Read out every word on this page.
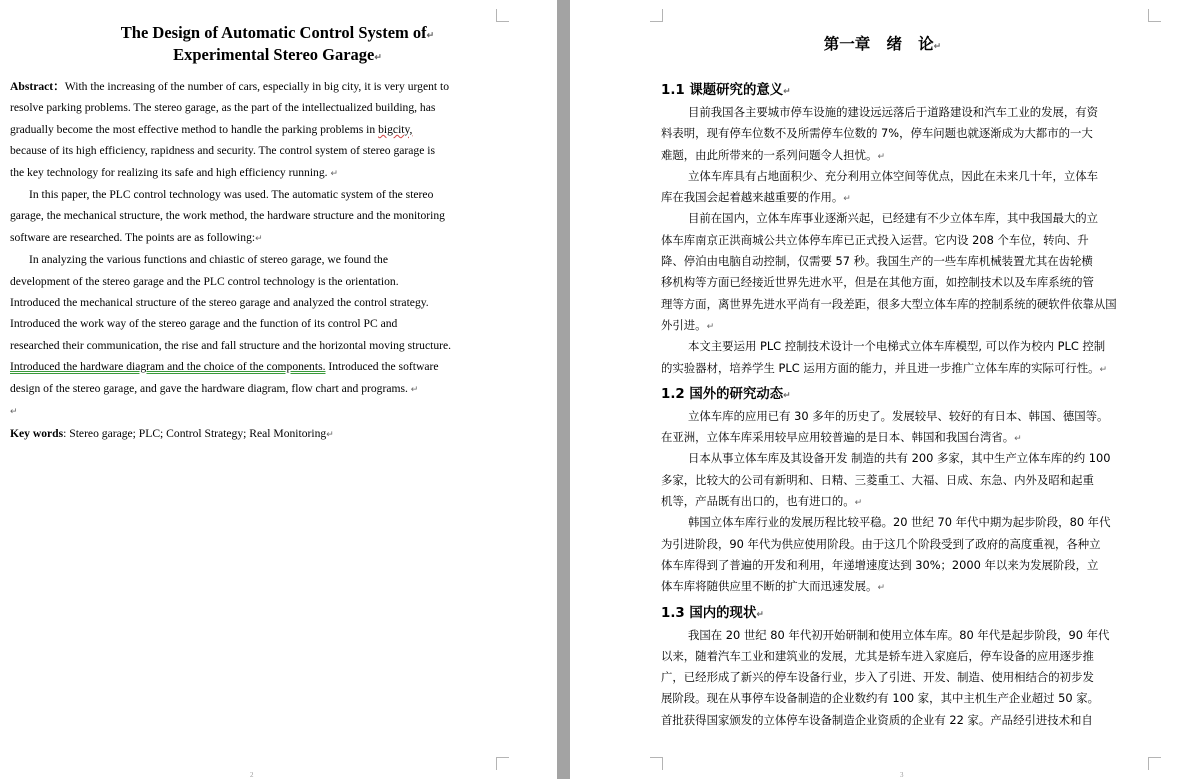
The Design of Automatic Control System of↵
Experimental Stereo Garage↵
Abstract：With the increasing of the number of cars, especially in big city, it is very urgent to
resolve parking problems. The stereo garage, as the part of the intellectualized building, has
gradually become the most effective method to handle the parking problems in bigcity,
because of its high efficiency, rapidness and security. The control system of stereo garage is
the key technology for realizing its safe and high efficiency running. ↵
In this paper, the PLC control technology was used. The automatic system of the stereo
garage, the mechanical structure, the work method, the hardware structure and the monitoring
software are researched. The points are as following:↵
In analyzing the various functions and chiastic of stereo garage, we found the
development of the stereo garage and the PLC control technology is the orientation.
Introduced the mechanical structure of the stereo garage and analyzed the control strategy.
Introduced the work way of the stereo garage and the function of its control PC and
researched their communication, the rise and fall structure and the horizontal moving structure.
Introduced the hardware diagram and the choice of the components. Introduced the software
design of the stereo garage, and gave the hardware diagram, flow chart and programs. ↵
↵
Key words: Stereo garage; PLC; Control Strategy; Real Monitoring↵
2	3
第一章   绪   论↵
1.1 课题研究的意义↵
目前我国各主要城市停车设施的建设远远落后于道路建设和汽车工业的发展，有资
料表明，现有停车位数不及所需停车位数的 7%，停车问题也就逐渐成为大都市的一大
难题，由此所带来的一系列问题令人担忧。↵
立体车库具有占地面积少、充分利用立体空间等优点，因此在未来几十年，立体车
库在我国会起着越来越重要的作用。↵
目前在国内，立体车库事业逐渐兴起，已经建有不少立体车库，其中我国最大的立
体车库南京正洪商城公共立体停车库已正式投入运营。它内设 208 个车位，转向、升
降、停泊由电脑自动控制，仅需要 57 秒。我国生产的一些车库机械装置尤其在齿轮横
移机构等方面已经接近世界先进水平，但是在其他方面，如控制技术以及车库系统的管
理等方面，离世界先进水平尚有一段差距，很多大型立体车库的控制系统的硬软件依靠从国
外引进。↵
本文主要运用 PLC 控制技术设计一个电梯式立体车库模型, 可以作为校内 PLC 控制
的实验器材，培养学生 PLC 运用方面的能力，并且进一步推广立体车库的实际可行性。↵
1.2 国外的研究动态↵
立体车库的应用已有 30 多年的历史了。发展较早、较好的有日本、韩国、德国等。
在亚洲，立体车库采用较早应用较普遍的是日本、韩国和我国台湾省。↵
日本从事立体车库及其设备开发 制造的共有 200 多家，其中生产立体车库的约 100
多家，比较大的公司有新明和、日精、三菱重工、大福、日成、东急、内外及昭和起重
机等，产品既有出口的，也有进口的。↵
韩国立体车库行业的发展历程比较平稳。20 世纪 70 年代中期为起步阶段，80 年代
为引进阶段，90 年代为供应使用阶段。由于这几个阶段受到了政府的高度重视，各种立
体车库得到了普遍的开发和利用，年递增速度达到 30%；2000 年以来为发展阶段，立
体车库将随供应里不断的扩大而迅速发展。↵
1.3 国内的现状↵
我国在 20 世纪 80 年代初开始研制和使用立体车库。80 年代是起步阶段，90 年代
以来，随着汽车工业和建筑业的发展，尤其是轿车进入家庭后，停车设备的应用逐步推
广，已经形成了新兴的停车设备行业，步入了引进、开发、制造、使用相结合的初步发
展阶段。现在从事停车设备制造的企业数约有 100 家，其中主机生产企业超过 50 家。
首批获得国家颁发的立体停车设备制造企业资质的企业有 22 家。产品经引进技术和自
